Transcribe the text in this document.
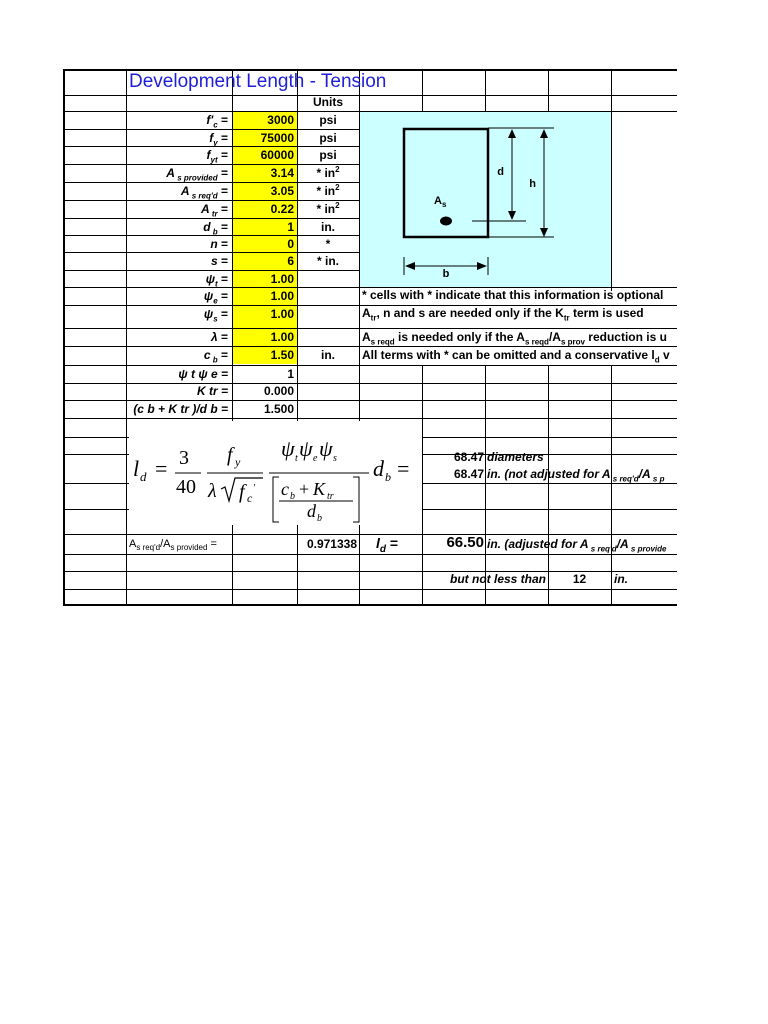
Development Length - Tension
Units
$f'_c$ =	3000	psi
$f_y$ =	75000	psi
$f_{yt}$ =	60000	psi
A $_{s provided}$ =	3.14	* $in^2$
A $_{s req'd}$ =	3.05	* $in^2$
A $_{tr}$ =	0.22	* $in^2$
d $_b$ =	1	in.
n =	0	*
s =	6	* in.
$\psi_t$ =	1.00
$\psi_e$ =	1.00
$\psi_s$ =	1.00
λ =	1.00
c $_b$ =	1.50	in.
ψ t ψ e =	1
K tr =	0.000
(c b + K tr )/d b =	1.500
d
h
b
$A_s$
* cells with * indicate that this information is optional
$A_{tr}$, n and s are needed only if the $K_{tr}$ term is used
$A_{s reqd}$ is needed only if the $A_{s reqd}/A_{s prov}$ reduction is u
All terms with * can be omitted and a conservative $l_d$ v
l d = 3
40
f y
λ f c
'
ψ t ψ e ψ s
c b + K tr
d b
d b =	68.47 diameters
68.47 in. (not adjusted for A $_{s req'd}$/A $_{s p}$
$A_{s req'd}/A_{s provided}$ =	0.971338 $l_d$ =	66.50 in. (adjusted for A $_{s req'd}$/A $_{s provide}$
but not less than	12	in.
